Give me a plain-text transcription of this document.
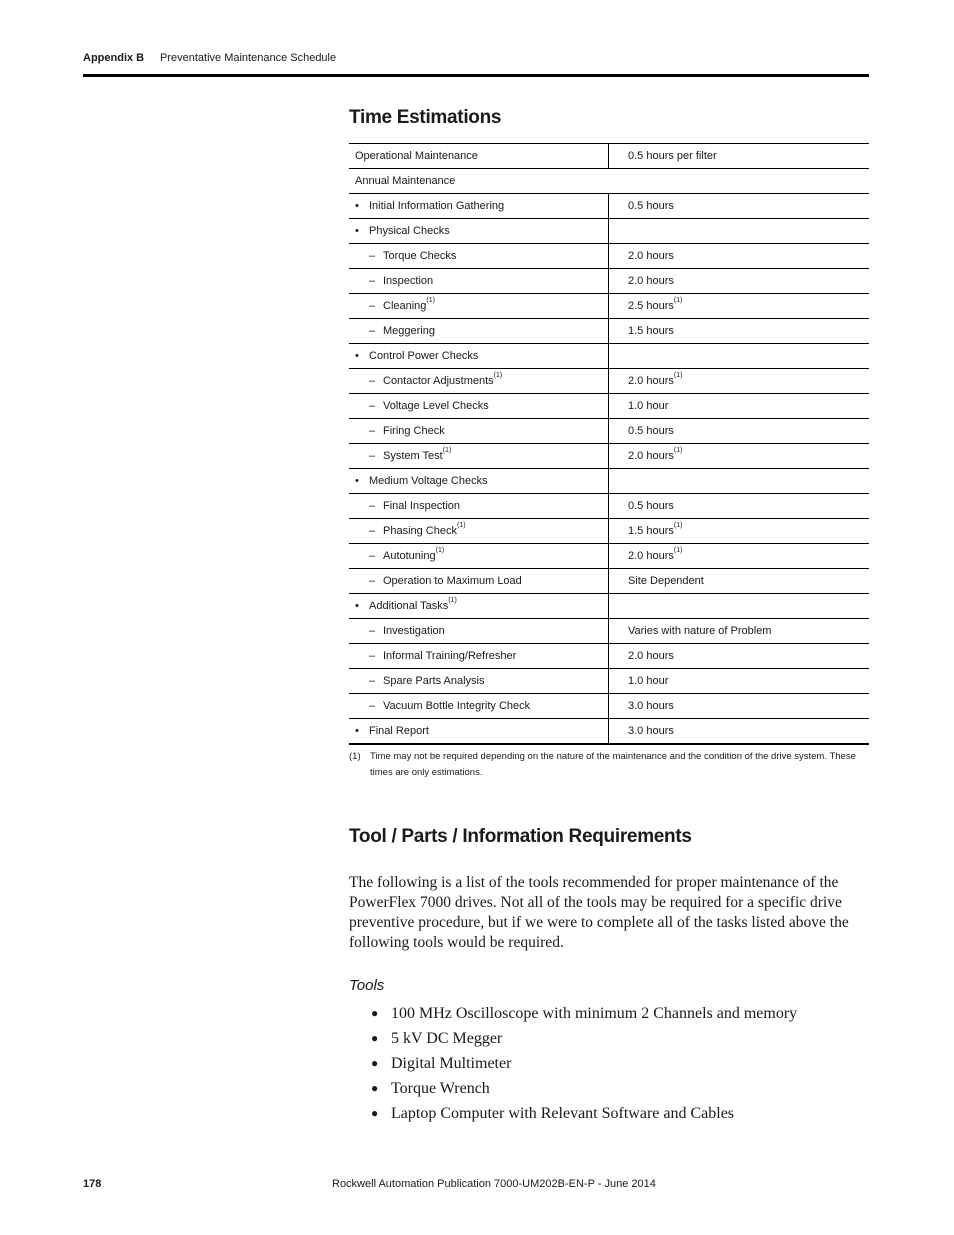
Appendix B	Preventative Maintenance Schedule
Time Estimations
Operational Maintenance	0.5 hours per filter
Annual Maintenance	
• Initial Information Gathering	0.5 hours
• Physical Checks	
– Torque Checks	2.0 hours
– Inspection	2.0 hours
– Cleaning$^{(1)}$	2.5 hours$^{(1)}$
– Meggering	1.5 hours
• Control Power Checks	
– Contactor Adjustments$^{(1)}$	2.0 hours$^{(1)}$
– Voltage Level Checks	1.0 hour
– Firing Check	0.5 hours
– System Test$^{(1)}$	2.0 hours$^{(1)}$
• Medium Voltage Checks	
– Final Inspection	0.5 hours
– Phasing Check$^{(1)}$	1.5 hours$^{(1)}$
– Autotuning$^{(1)}$	2.0 hours$^{(1)}$
– Operation to Maximum Load	Site Dependent
• Additional Tasks$^{(1)}$	
– Investigation	Varies with nature of Problem
– Informal Training/Refresher	2.0 hours
– Spare Parts Analysis	1.0 hour
– Vacuum Bottle Integrity Check	3.0 hours
• Final Report	3.0 hours
(1) Time may not be required depending on the nature of the maintenance and the condition of the drive system. These times are only estimations.
Tool / Parts / Information Requirements
The following is a list of the tools recommended for proper maintenance of the PowerFlex 7000 drives. Not all of the tools may be required for a specific drive preventive procedure, but if we were to complete all of the tasks listed above the following tools would be required.
Tools
● 100 MHz Oscilloscope with minimum 2 Channels and memory
● 5 kV DC Megger
● Digital Multimeter
● Torque Wrench
● Laptop Computer with Relevant Software and Cables
178	Rockwell Automation Publication 7000-UM202B-EN-P - June 2014
